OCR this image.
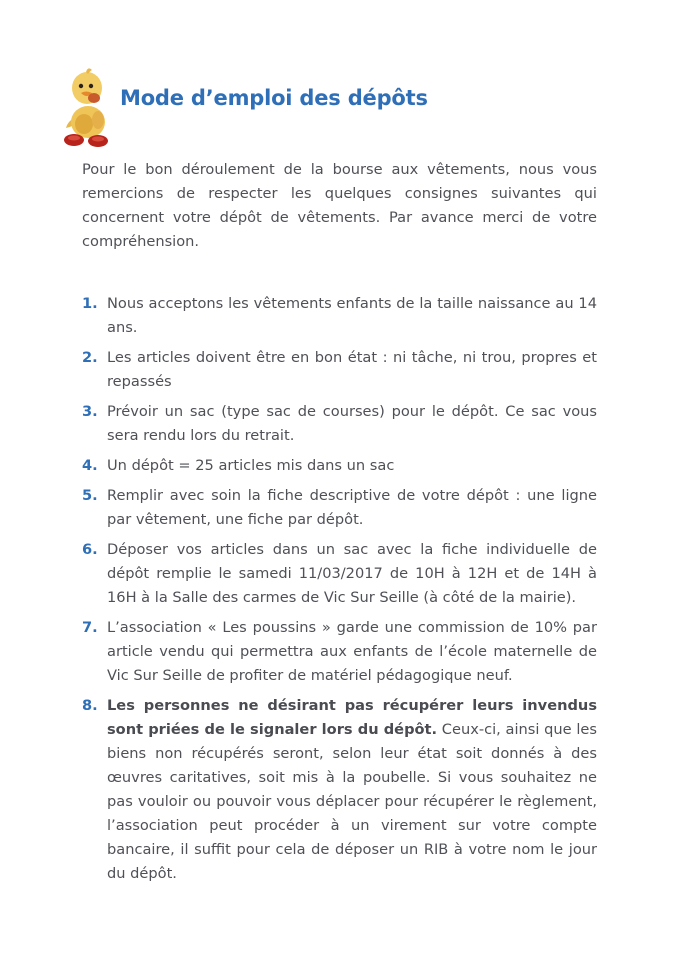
Mode d’emploi des dépôts

Pour le bon déroulement de la bourse aux vêtements, nous vous remercions de respecter les quelques consignes suivantes qui concernent votre dépôt de vêtements. Par avance merci de votre compréhension.

1. Nous acceptons les vêtements enfants de la taille naissance au 14 ans.

2. Les articles doivent être en bon état : ni tâche, ni trou, propres et repassés

3. Prévoir un sac (type sac de courses) pour le dépôt. Ce sac vous sera rendu lors du retrait.

4. Un dépôt = 25 articles mis dans un sac

5. Remplir avec soin la fiche descriptive de votre dépôt : une ligne par vêtement, une fiche par dépôt.

6. Déposer vos articles dans un sac avec la fiche individuelle de dépôt remplie le samedi 11/03/2017 de 10H à 12H et de 14H à 16H à la Salle des carmes de Vic Sur Seille (à côté de la mairie).

7. L’association « Les poussins » garde une commission de 10% par article vendu qui permettra aux enfants de l’école maternelle de Vic Sur Seille de profiter de matériel pédagogique neuf.

8. Les personnes ne désirant pas récupérer leurs invendus sont priées de le signaler lors du dépôt. Ceux-ci, ainsi que les biens non récupérés seront, selon leur état soit donnés à des œuvres caritatives, soit mis à la poubelle. Si vous souhaitez ne pas vouloir ou pouvoir vous déplacer pour récupérer le règlement, l’association peut procéder à un virement sur votre compte bancaire, il suffit pour cela de déposer un RIB à votre nom le jour du dépôt.
